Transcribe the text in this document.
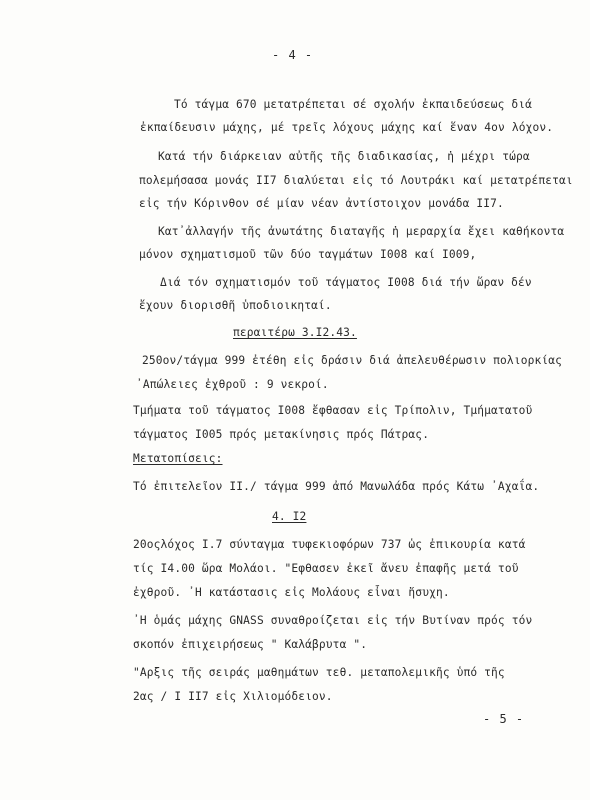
- 4 -
Τό τάγμα 670 μετατρέπεται σέ σχολήν ἐκπαιδεύσεως διά
ἐκπαίδευσιν μάχης, μέ τρεῖς λόχους μάχης καί ἕναν 4ον λόχον.
Κατά τήν διάρκειαν αὐτῆς τῆς διαδικασίας, ἡ μέχρι τώρα
πολεμήσασα μονάς ΙΙ7 διαλύεται εἰς τό Λουτράκι καί μετατρέπεται
εἰς τήν Κόρινθον σέ μίαν νέαν ἀντίστοιχον μονάδα ΙΙ7.
Κατ᾽ἀλλαγήν τῆς ἀνωτάτης διαταγῆς ἡ μεραρχία ἔχει καθήκοντα
μόνον σχηματισμοῦ τῶν δύο ταγμάτων Ι008 καί Ι009,
Διά τόν σχηματισμόν τοῦ τάγματος Ι008 διά τήν ὥραν δέν
ἔχουν διορισθῆ ὑποδιοικηταί.
περαιτέρω 3.Ι2.43.
250ον/τάγμα 999 ἐτέθη εἰς δράσιν διά ἀπελευθέρωσιν πολιορκίας
᾽Απώλειες ἐχθροῦ : 9 νεκροί.
Τμήματα τοῦ τάγματος Ι008 ἔφθασαν εἰς Τρίπολιν, Τμήματατοῦ
τάγματος Ι005 πρός μετακίνησις πρός Πάτρας.
Μετατοπίσεις:
Τό ἐπιτελεῖον ΙΙ./ τάγμα 999 ἀπό Μανωλάδα πρός Κάτω ᾽Αχαΐα.
4. Ι2
20οςλόχος Ι.7 σύνταγμα τυφεκιοφόρων 737 ὡς ἐπικουρία κατά
τίς Ι4.00 ὥρα Μολάοι. "Εφθασεν ἐκεῖ ἄνευ ἐπαφῆς μετά τοῦ
ἐχθροῦ. ᾽Η κατάστασις εἰς Μολάους εἶναι ἥσυχη.
᾽Η ὁμάς μάχης GNASS συναθροίζεται εἰς τήν Βυτίναν πρός τόν
σκοπόν ἐπιχειρήσεως " Καλάβρυτα ".
"Αρξις τῆς σειράς μαθημάτων τεθ. μεταπολεμικῆς ὑπό τῆς
2ας / Ι ΙΙ7 εἰς Χιλιομόδειον.
- 5 -
